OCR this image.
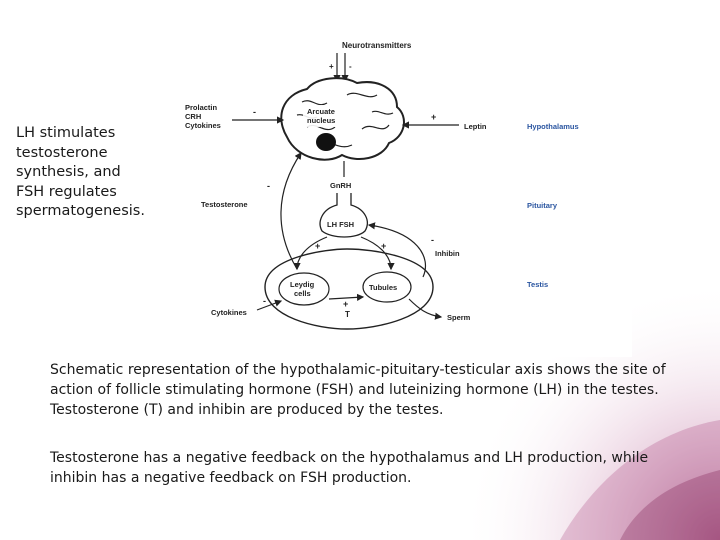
LH stimulates
testosterone
synthesis, and
FSH regulates
spermatogenesis.
Neurotransmitters
+ -
Arcuate
nucleus
Prolactin
CRH
Cytokines
-
Leptin
+
Hypothalamus
Pituitary
Testis
GnRH
LH FSH
Testosterone
-
+	+
Inhibin
-
Leydig
cells
Tubules
T
+
Cytokines
-
Sperm
Schematic representation of the hypothalamic-pituitary-testicular axis shows the site of action of follicle stimulating hormone (FSH) and luteinizing hormone (LH) in the testes. Testosterone (T) and inhibin are produced by the testes.
Testosterone has a negative feedback on the hypothalamus and LH production, while inhibin has a negative feedback on FSH production.
